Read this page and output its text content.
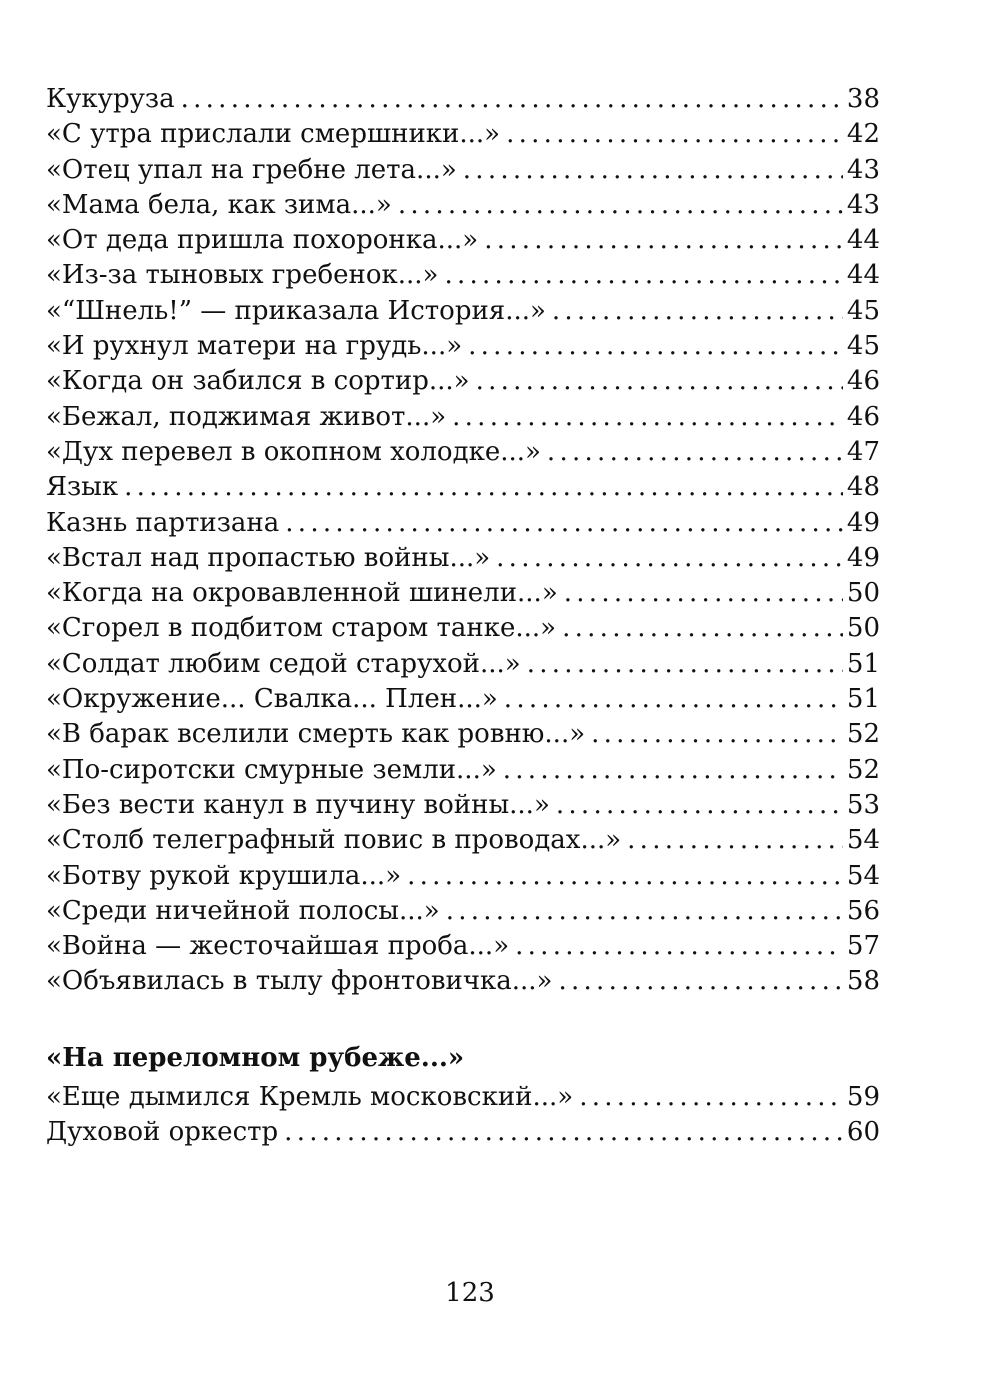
Кукуруза . . .	38
«С утра прислали смершники...» . . .	42
«Отец упал на гребне лета...» . . .	43
«Мама бела, как зима...» . . .	43
«От деда пришла похоронка...» . . .	44
«Из-за тыновых гребенок...» . . .	44
«“Шнель!” — приказала История...» . . .	45
«И рухнул матери на грудь...» . . .	45
«Когда он забился в сортир...» . . .	46
«Бежал, поджимая живот...» . . .	46
«Дух перевел в окопном холодке...» . . .	47
Язык . . .	48
Казнь партизана . . .	49
«Встал над пропастью войны...» . . .	49
«Когда на окровавленной шинели...» . . .	50
«Сгорел в подбитом старом танке...» . . .	50
«Солдат любим седой старухой...» . . .	51
«Окружение... Свалка... Плен...» . . .	51
«В барак вселили смерть как ровню...» . . .	52
«По-сиротски смурные земли...» . . .	52
«Без вести канул в пучину войны...» . . .	53
«Столб телеграфный повис в проводах...» . . .	54
«Ботву рукой крушила...» . . .	54
«Среди ничейной полосы...» . . .	56
«Война — жесточайшая проба...» . . .	57
«Объявилась в тылу фронтовичка...» . . .	58
«На переломном рубеже...»
«Еще дымился Кремль московский...» . . .	59
Духовой оркестр . . .	60
123
